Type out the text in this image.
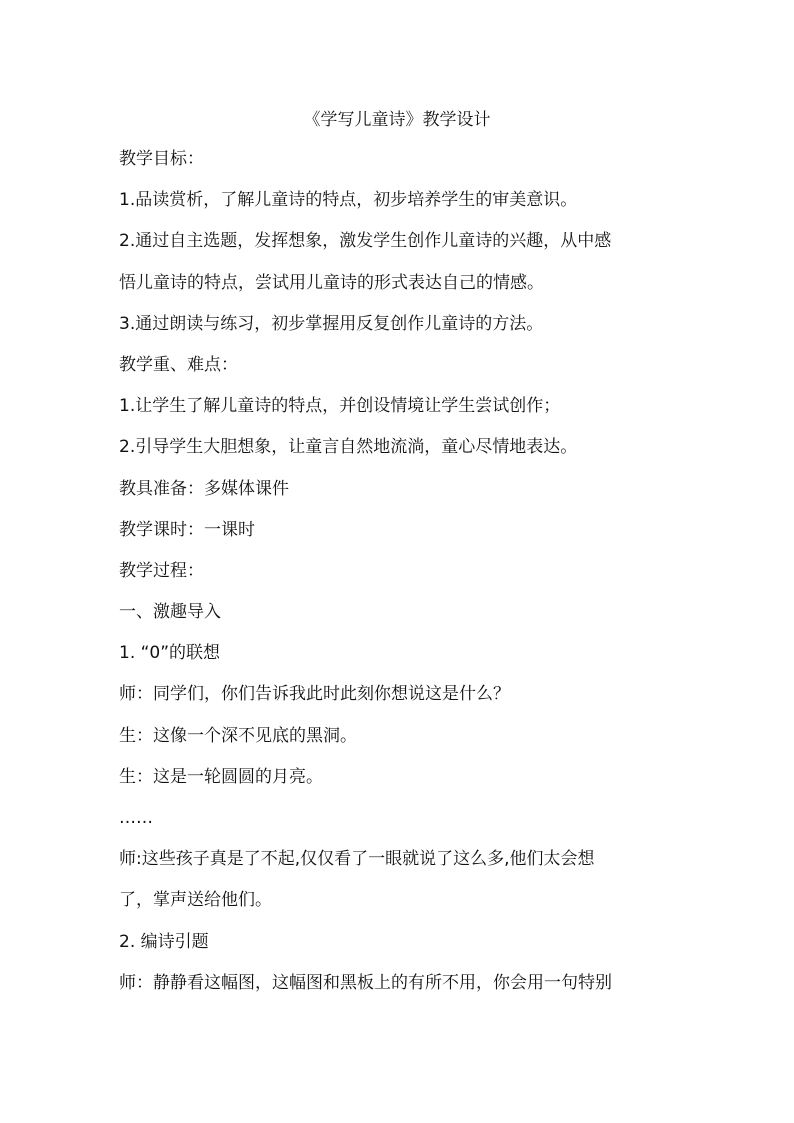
《学写儿童诗》教学设计
教学目标：
1.品读赏析，了解儿童诗的特点，初步培养学生的审美意识。
2.通过自主选题，发挥想象，激发学生创作儿童诗的兴趣，从中感
悟儿童诗的特点，尝试用儿童诗的形式表达自己的情感。
3.通过朗读与练习，初步掌握用反复创作儿童诗的方法。
教学重、难点：
1.让学生了解儿童诗的特点，并创设情境让学生尝试创作；
2.引导学生大胆想象，让童言自然地流淌，童心尽情地表达。
教具准备：多媒体课件
教学课时：一课时
教学过程：
一、激趣导入
1. “0”的联想
师：同学们，你们告诉我此时此刻你想说这是什么？
生：这像一个深不见底的黑洞。
生：这是一轮圆圆的月亮。
……
师:这些孩子真是了不起,仅仅看了一眼就说了这么多,他们太会想
了，掌声送给他们。
2. 编诗引题
师：静静看这幅图，这幅图和黑板上的有所不用，你会用一句特别
